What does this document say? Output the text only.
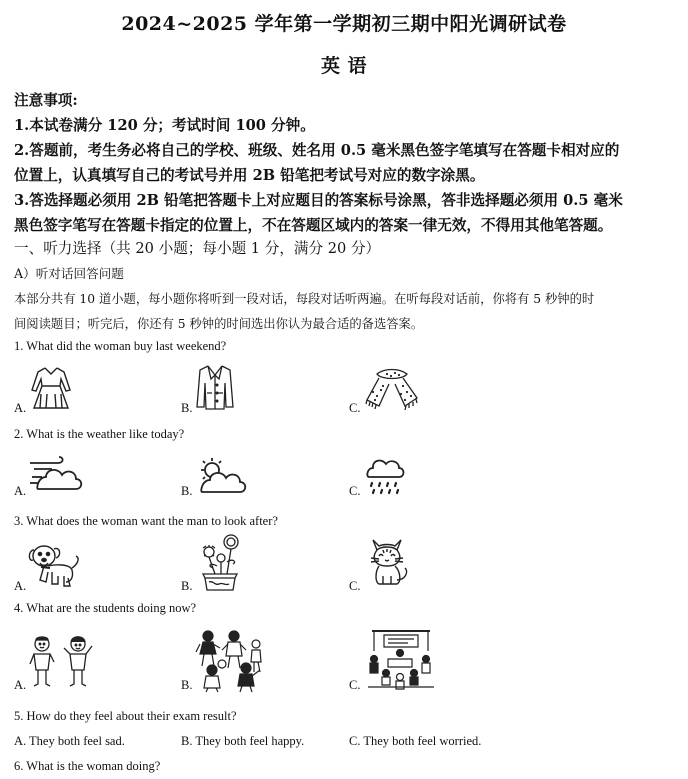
2024~2025 学年第一学期初三期中阳光调研试卷
英 语
注意事项:
1.本试卷满分 120 分；考试时间 100 分钟。
2.答题前，考生务必将自己的学校、班级、姓名用 0.5 毫米黑色签字笔填写在答题卡相对应的
位置上，认真填写自己的考试号并用 2B 铅笔把考试号对应的数字涂黑。
3.答选择题必须用 2B 铅笔把答题卡上对应题目的答案标号涂黑，答非选择题必须用 0.5 毫米
黑色签字笔写在答题卡指定的位置上，不在答题区域内的答案一律无效，不得用其他笔答题。
一、听力选择（共 20 小题；每小题 1 分，满分 20 分）
A）听对话回答问题
本部分共有 10 道小题，每小题你将听到一段对话，每段对话听两遍。在听每段对话前，你将有 5 秒钟的时
间阅读题目；听完后，你还有 5 秒钟的时间选出你认为最合适的备选答案。
1. What did the woman buy last weekend?
A.	B.	C.
2. What is the weather like today?
A.	B.	C.
3. What does the woman want the man to look after?
A.	B.	C.
4. What are the students doing now?
A.	B.	C.
5. How do they feel about their exam result?
A. They both feel sad.	B. They both feel happy.	C. They both feel worried.
6. What is the woman doing?
